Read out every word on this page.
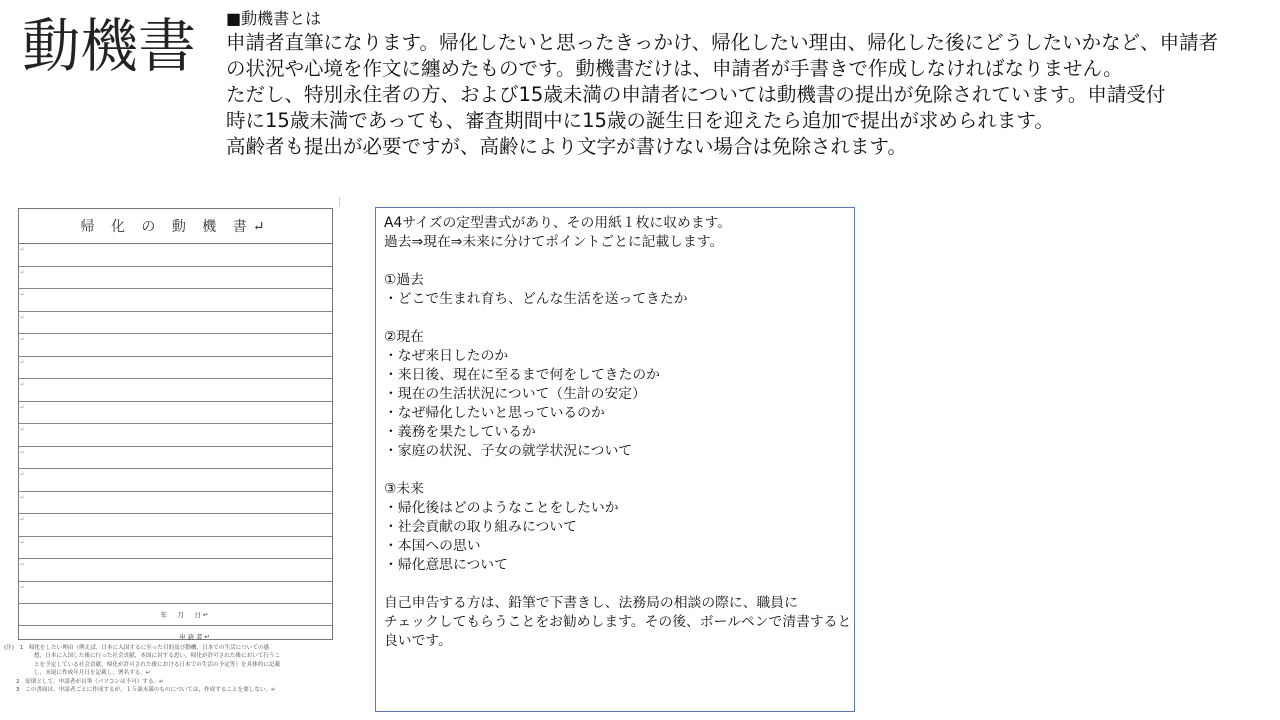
動機書 ■動機書とは

申請者直筆になります。帰化したいと思ったきっかけ、帰化したい理由、帰化した後にどうしたいかなど、申請者

の状況や心境を作文に纏めたものです。動機書だけは、申請者が手書きで作成しなければなりません。

ただし、特別永住者の方、および15歳未満の申請者については動機書の提出が免除されています。申請受付

時に15歳未満であっても、審査期間中に15歳の誕生日を迎えたら追加で提出が求められます。

高齢者も提出が必要ですが、高齢により文字が書けない場合は免除されます。

帰 化 の 動 機 書↵
↵
↵
↵
↵
↵
↵
↵
↵
↵
↵
↵
↵
↵
↵
↵
↵
年　月　日↵
申請者↵

(注)　1　帰化をしたい理由（例えば，日本に入国するに至った目的及び動機，日本での生活についての感

想，日本に入国した後に行った社会貢献，本国に対する思い，帰化が許可された後において行うこ

とを予定している社会貢献，帰化が許可された後における日本での生活の予定等）を具体的に記載

し，末尾に作成年月日を記載し，署名する。↵

2　原則として，申請者が自筆（パソコンは不可）する。↵

3　この書面は，申請者ごとに作成するが，１５歳未満のものについては，作成することを要しない。↵

A4サイズの定型書式があり、その用紙１枚に収めます。

過去⇒現在⇒未来に分けてポイントごとに記載します。

①過去

・どこで生まれ育ち、どんな生活を送ってきたか

②現在

・なぜ来日したのか

・来日後、現在に至るまで何をしてきたのか

・現在の生活状況について（生計の安定）

・なぜ帰化したいと思っているのか

・義務を果たしているか

・家庭の状況、子女の就学状況について

③未来

・帰化後はどのようなことをしたいか

・社会貢献の取り組みについて

・本国への思い

・帰化意思について

自己申告する方は、鉛筆で下書きし、法務局の相談の際に、職員に

チェックしてもらうことをお勧めします。その後、ボールペンで清書すると

良いです。
